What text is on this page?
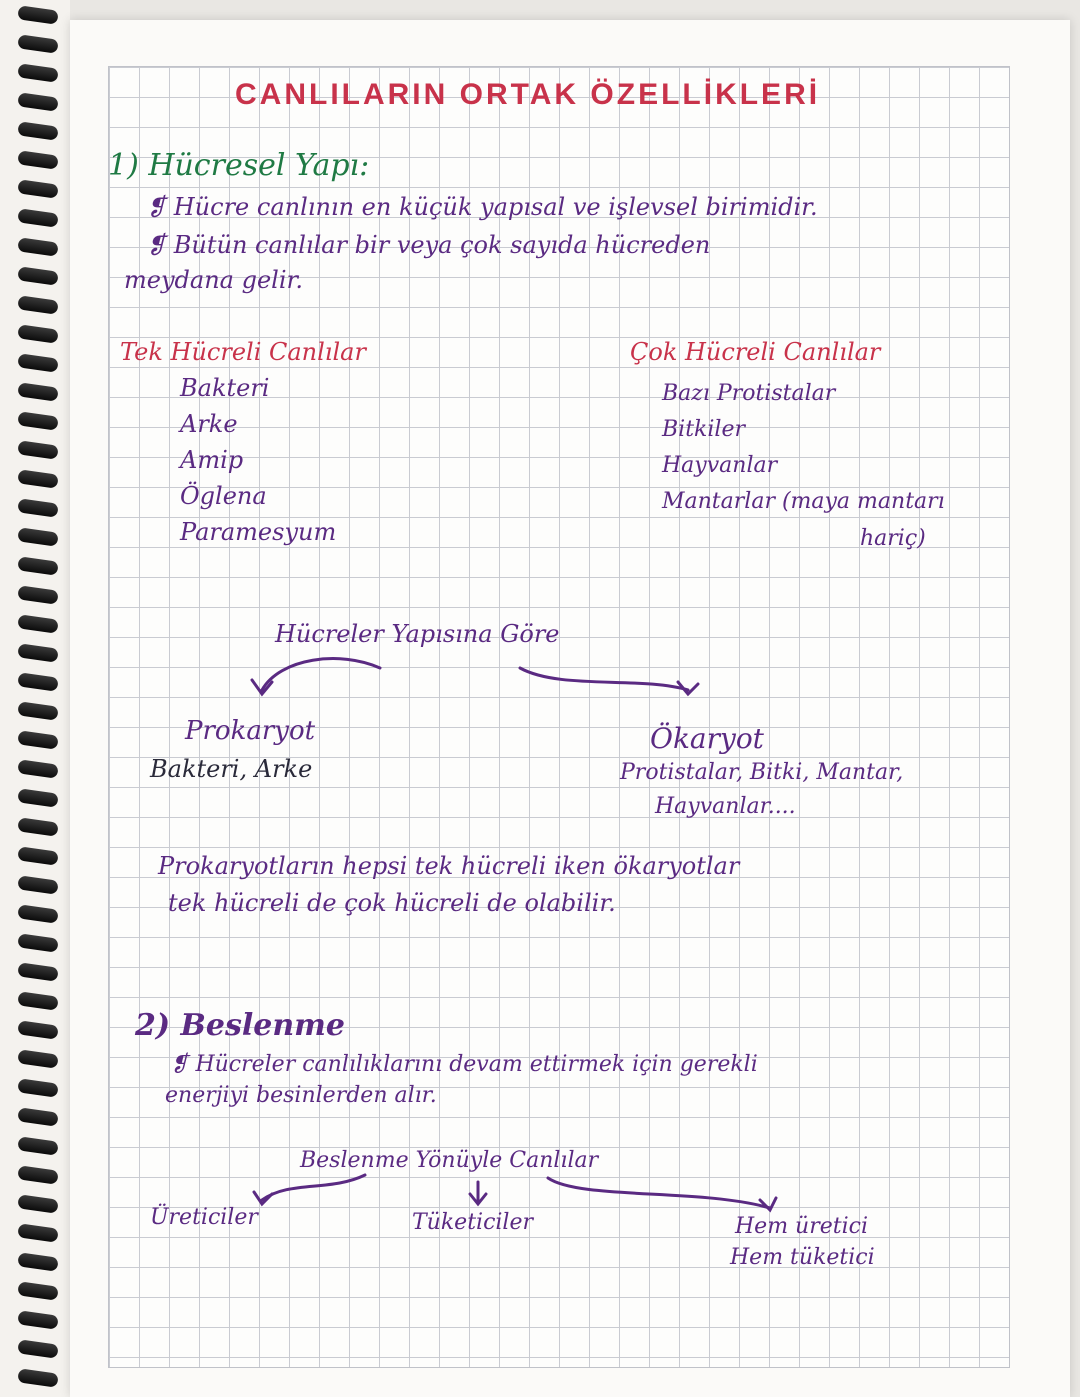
CANLILARIN ORTAK ÖZELLİKLERİ
1) Hücresel Yapı:
❡ Hücre canlının en küçük yapısal ve işlevsel birimidir.
❡ Bütün canlılar bir veya çok sayıda hücreden
meydana gelir.
Tek Hücreli Canlılar
Bakteri
Arke
Amip
Öglena
Paramesyum
Çok Hücreli Canlılar
Bazı Protistalar
Bitkiler
Hayvanlar
Mantarlar (maya mantarı
hariç)
Hücreler Yapısına Göre
Prokaryot
Bakteri, Arke
Ökaryot
Protistalar, Bitki, Mantar,
Hayvanlar....
Prokaryotların hepsi tek hücreli iken ökaryotlar
tek hücreli de çok hücreli de olabilir.
2) Beslenme
❡ Hücreler canlılıklarını devam ettirmek için gerekli
enerjiyi besinlerden alır.
Beslenme Yönüyle Canlılar
Üreticiler	Tüketiciler	Hem üretici
Hem tüketici
